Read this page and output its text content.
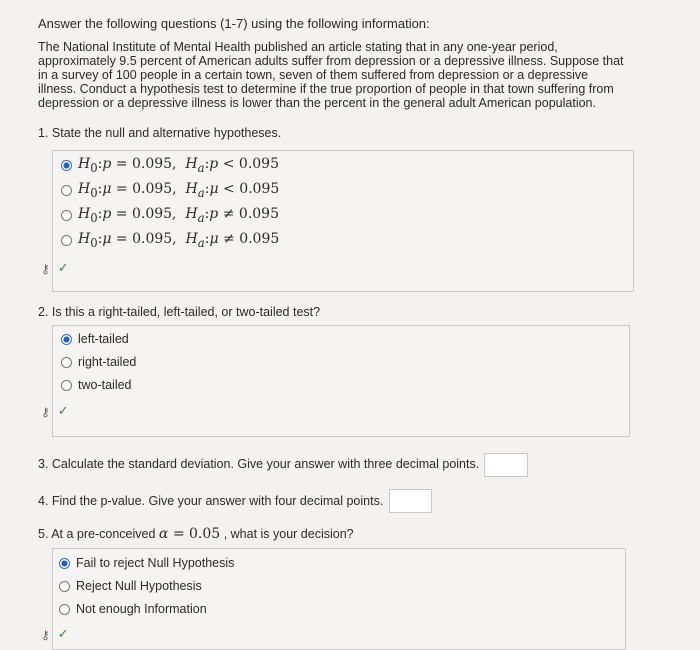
Answer the following questions (1-7) using the following information:
The National Institute of Mental Health published an article stating that in any one-year period,
approximately 9.5 percent of American adults suffer from depression or a depressive illness. Suppose that
in a survey of 100 people in a certain town, seven of them suffered from depression or a depressive
illness. Conduct a hypothesis test to determine if the true proportion of people in that town suffering from
depression or a depressive illness is lower than the percent in the general adult American population.
1. State the null and alternative hypotheses.
$H_0:p = 0.095$, $H_a:p < 0.095$
$H_0:\mu = 0.095$, $H_a:\mu < 0.095$
$H_0:p = 0.095$, $H_a:p \ne 0.095$
$H_0:\mu = 0.095$, $H_a:\mu \ne 0.095$
⚷ ✓
2. Is this a right-tailed, left-tailed, or two-tailed test?
left-tailed
right-tailed
two-tailed
⚷ ✓
3. Calculate the standard deviation. Give your answer with three decimal points.
4. Find the p-value. Give your answer with four decimal points.
5. At a pre-conceived
α = 0.05
, what is your decision?
Fail to reject Null Hypothesis
Reject Null Hypothesis
Not enough Information
⚷ ✓
